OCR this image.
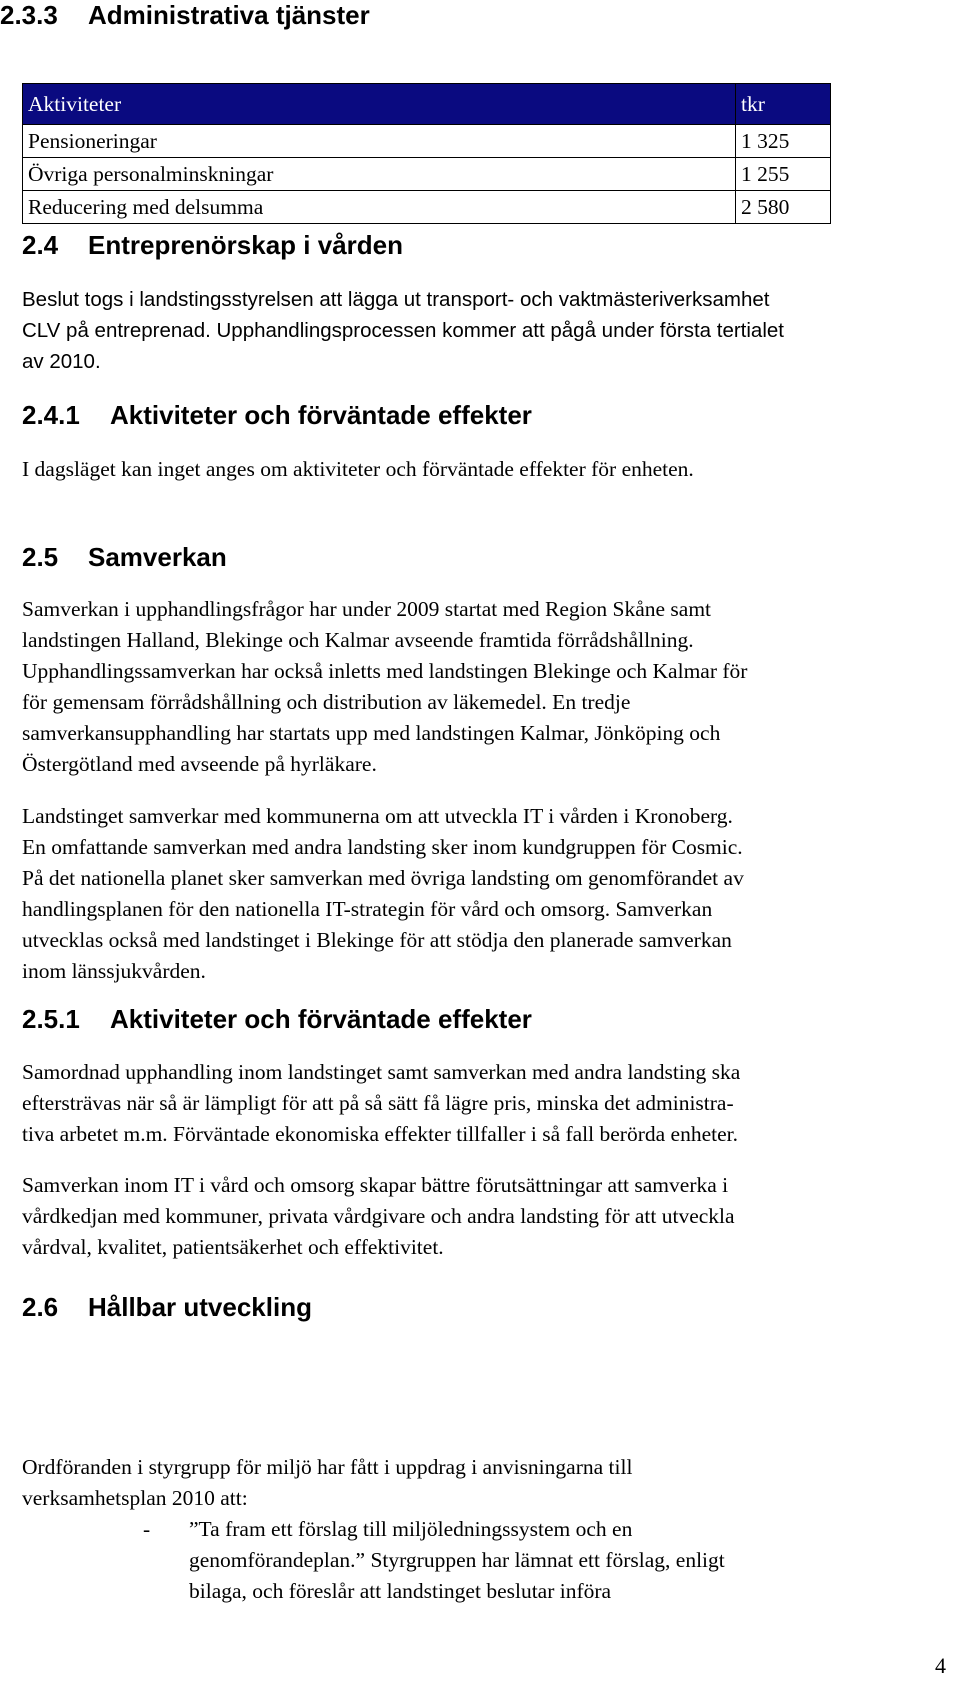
2.3.3 Administrativa tjänster
Aktiviteter	tkr
Pensioneringar	1 325
Övriga personalminskningar	1 255
Reducering med delsumma	2 580
2.4 Entreprenörskap i vården
Beslut togs i landstingsstyrelsen att lägga ut transport- och vaktmästeriverksamhet
CLV på entreprenad. Upphandlingsprocessen kommer att pågå under första tertialet
av 2010.
2.4.1 Aktiviteter och förväntade effekter

I dagsläget kan inget anges om aktiviteter och förväntade effekter för enheten.

2.5 Samverkan
Samverkan i upphandlingsfrågor har under 2009 startat med Region Skåne samt
landstingen Halland, Blekinge och Kalmar avseende framtida förrådshållning.
Upphandlingssamverkan har också inletts med landstingen Blekinge och Kalmar för
för gemensam förrådshållning och distribution av läkemedel. En tredje
samverkansupphandling har startats upp med landstingen Kalmar, Jönköping och
Östergötland med avseende på hyrläkare.
Landstinget samverkar med kommunerna om att utveckla IT i vården i Kronoberg.
En omfattande samverkan med andra landsting sker inom kundgruppen för Cosmic.
På det nationella planet sker samverkan med övriga landsting om genomförandet av
handlingsplanen för den nationella IT-strategin för vård och omsorg. Samverkan
utvecklas också med landstinget i Blekinge för att stödja den planerade samverkan
inom länssjukvården.
2.5.1 Aktiviteter och förväntade effekter
Samordnad upphandling inom landstinget samt samverkan med andra landsting ska
eftersträvas när så är lämpligt för att på så sätt få lägre pris, minska det administra-
tiva arbetet m.m. Förväntade ekonomiska effekter tillfaller i så fall berörda enheter.
Samverkan inom IT i vård och omsorg skapar bättre förutsättningar att samverka i
vårdkedjan med kommuner, privata vårdgivare och andra landsting för att utveckla
vårdval, kvalitet, patientsäkerhet och effektivitet.
2.6 Hållbar utveckling
Ordföranden i styrgrupp för miljö har fått i uppdrag i anvisningarna till
verksamhetsplan 2010 att:
- ”Ta fram ett förslag till miljöledningssystem och en
genomförandeplan.” Styrgruppen har lämnat ett förslag, enligt
bilaga, och föreslår att landstinget beslutar införa
4
